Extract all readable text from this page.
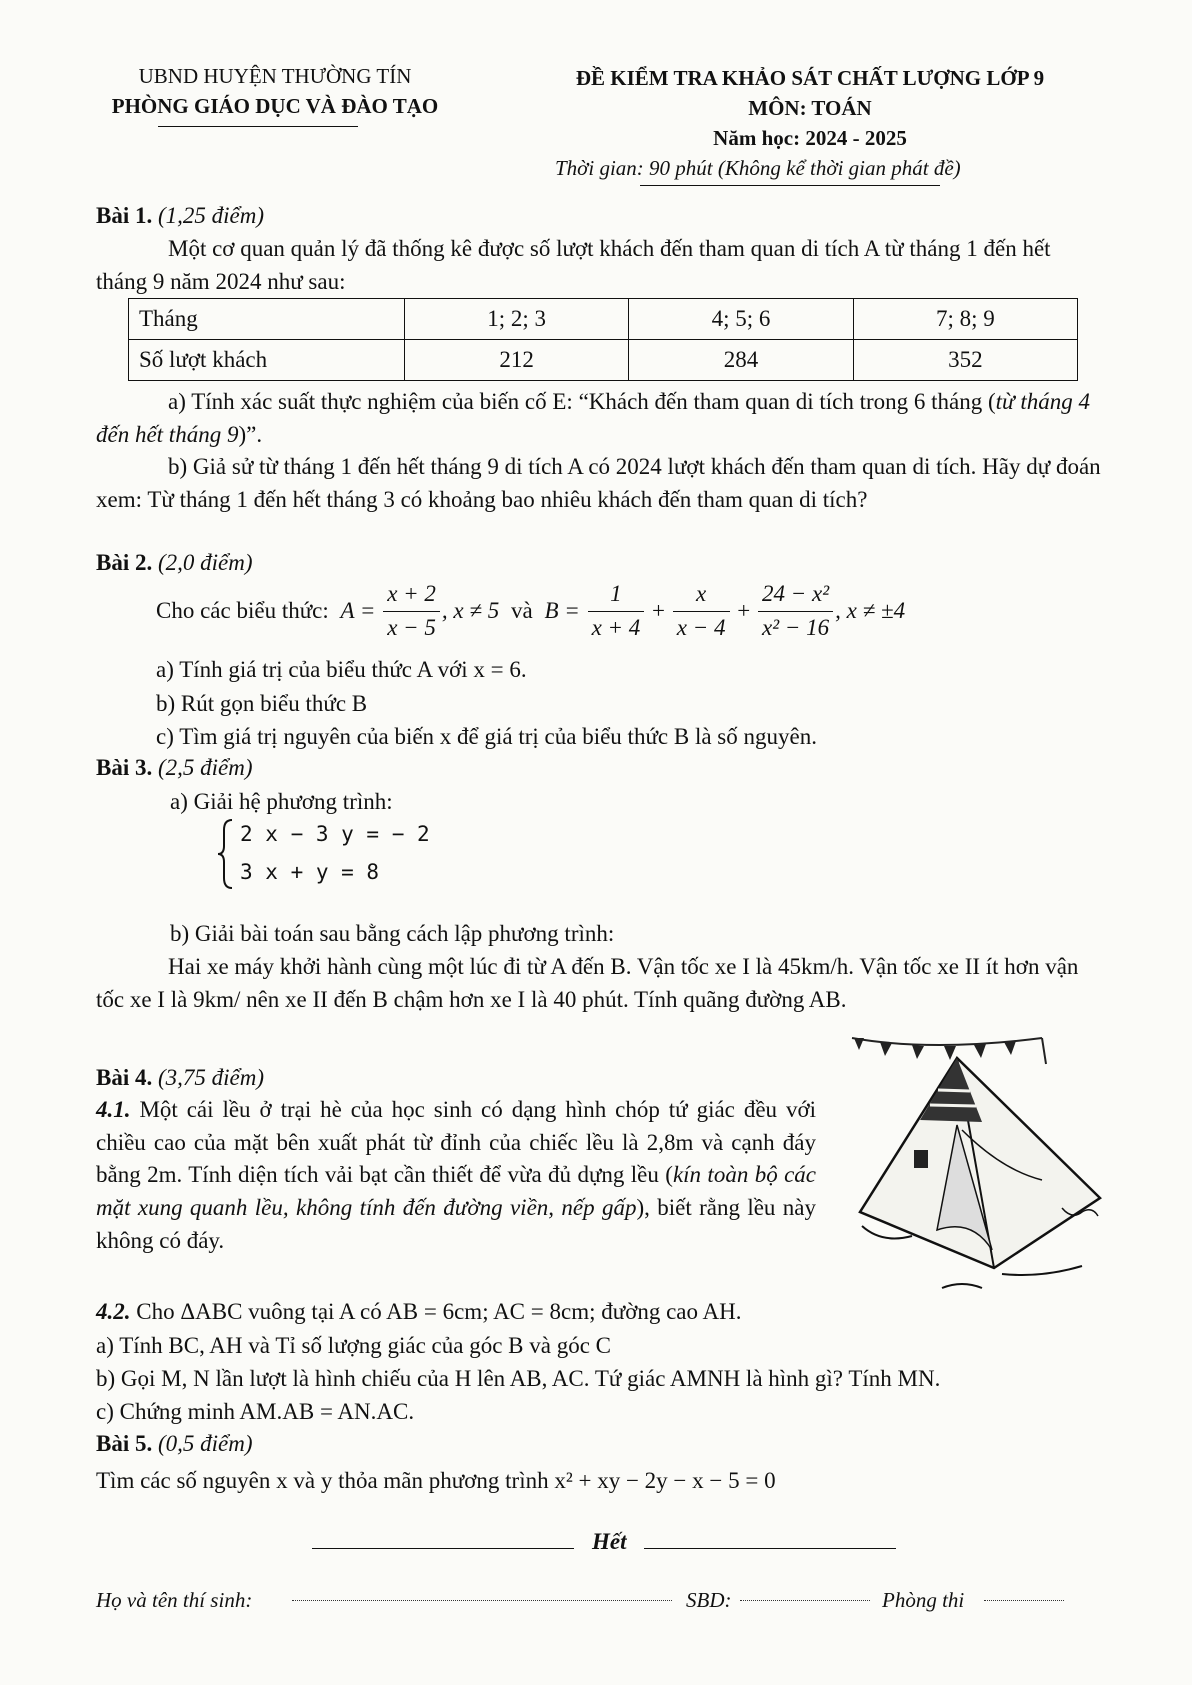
UBND HUYỆN THƯỜNG TÍN
PHÒNG GIÁO DỤC VÀ ĐÀO TẠO
ĐỀ KIỂM TRA KHẢO SÁT CHẤT LƯỢNG LỚP 9
MÔN: TOÁN
Năm học: 2024 - 2025
Thời gian: 90 phút (Không kể thời gian phát đề)
Bài 1. (1,25 điểm)
Một cơ quan quản lý đã thống kê được số lượt khách đến tham quan di tích A từ tháng 1 đến hết tháng 9 năm 2024 như sau:
Tháng	1; 2; 3	4; 5; 6	7; 8; 9
Số lượt khách	212	284	352
a) Tính xác suất thực nghiệm của biến cố E: “Khách đến tham quan di tích trong 6 tháng (từ tháng 4 đến hết tháng 9)”.
b) Giả sử từ tháng 1 đến hết tháng 9 di tích A có 2024 lượt khách đến tham quan di tích. Hãy dự đoán xem: Từ tháng 1 đến hết tháng 3 có khoảng bao nhiêu khách đến tham quan di tích?
Bài 2. (2,0 điểm)
Cho các biểu thức: $A = \frac{x + 2}{x - 5}$ , x ≠ 5 và $B = \frac{1}{x + 4} + \frac{x}{x - 4} + \frac{\text{24 − x²}}{\text{x² − 16}}$ , x ≠ ±4
a) Tính giá trị của biểu thức A với x = 6.
b) Rút gọn biểu thức B
c) Tìm giá trị nguyên của biến x để giá trị của biểu thức B là số nguyên.
Bài 3. (2,5 điểm)
a) Giải hệ phương trình:
2 x − 3 y = − 2
3 x + y = 8
b) Giải bài toán sau bằng cách lập phương trình:
Hai xe máy khởi hành cùng một lúc đi từ A đến B. Vận tốc xe I là 45km/h. Vận tốc xe II ít hơn vận tốc xe I là 9km/ nên xe II đến B chậm hơn xe I là 40 phút. Tính quãng đường AB.
Bài 4. (3,75 điểm)
4.1. Một cái lều ở trại hè của học sinh có dạng hình chóp tứ giác đều với chiều cao của mặt bên xuất phát từ đỉnh của chiếc lều là 2,8m và cạnh đáy bằng 2m. Tính diện tích vải bạt cần thiết để vừa đủ dựng lều (kín toàn bộ các mặt xung quanh lều, không tính đến đường viền, nếp gấp), biết rằng lều này không có đáy.
4.2. Cho ΔABC vuông tại A có AB = 6cm; AC = 8cm; đường cao AH.
a) Tính BC, AH và Tỉ số lượng giác của góc B và góc C
b) Gọi M, N lần lượt là hình chiếu của H lên AB, AC. Tứ giác AMNH là hình gì? Tính MN.
c) Chứng minh AM.AB = AN.AC.
Bài 5. (0,5 điểm)
Tìm các số nguyên x và y thỏa mãn phương trình x² + xy − 2y − x − 5 = 0
Hết
Họ và tên thí sinh:	SBD:	Phòng thi
